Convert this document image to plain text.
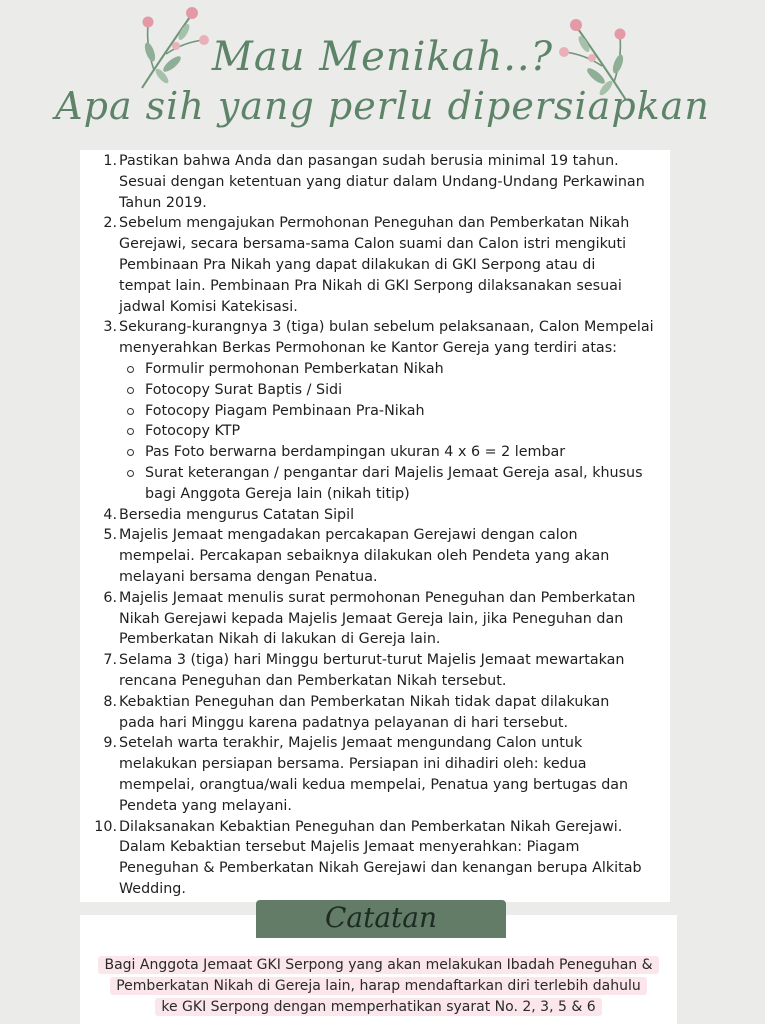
Mau Menikah..?
Apa sih yang perlu dipersiapkan
1. Pastikan bahwa Anda dan pasangan sudah berusia minimal 19 tahun.
Sesuai dengan ketentuan yang diatur dalam Undang-Undang Perkawinan
Tahun 2019.
2. Sebelum mengajukan Permohonan Peneguhan dan Pemberkatan Nikah
Gerejawi, secara bersama-sama Calon suami dan Calon istri mengikuti
Pembinaan Pra Nikah yang dapat dilakukan di GKI Serpong atau di
tempat lain. Pembinaan Pra Nikah di GKI Serpong dilaksanakan sesuai
jadwal Komisi Katekisasi.
3. Sekurang-kurangnya 3 (tiga) bulan sebelum pelaksanaan, Calon Mempelai
menyerahkan Berkas Permohonan ke Kantor Gereja yang terdiri atas:
Formulir permohonan Pemberkatan Nikah
Fotocopy Surat Baptis / Sidi
Fotocopy Piagam Pembinaan Pra-Nikah
Fotocopy KTP
Pas Foto berwarna berdampingan ukuran 4 x 6 = 2 lembar
Surat keterangan / pengantar dari Majelis Jemaat Gereja asal, khusus
bagi Anggota Gereja lain (nikah titip)
4. Bersedia mengurus Catatan Sipil
5. Majelis Jemaat mengadakan percakapan Gerejawi dengan calon
mempelai. Percakapan sebaiknya dilakukan oleh Pendeta yang akan
melayani bersama dengan Penatua.
6. Majelis Jemaat menulis surat permohonan Peneguhan dan Pemberkatan
Nikah Gerejawi kepada Majelis Jemaat Gereja lain, jika Peneguhan dan
Pemberkatan Nikah di lakukan di Gereja lain.
7. Selama 3 (tiga) hari Minggu berturut-turut Majelis Jemaat mewartakan
rencana Peneguhan dan Pemberkatan Nikah tersebut.
8. Kebaktian Peneguhan dan Pemberkatan Nikah tidak dapat dilakukan
pada hari Minggu karena padatnya pelayanan di hari tersebut.
9. Setelah warta terakhir, Majelis Jemaat mengundang Calon untuk
melakukan persiapan bersama. Persiapan ini dihadiri oleh: kedua
mempelai, orangtua/wali kedua mempelai, Penatua yang bertugas dan
Pendeta yang melayani.
10. Dilaksanakan Kebaktian Peneguhan dan Pemberkatan Nikah Gerejawi.
Dalam Kebaktian tersebut Majelis Jemaat menyerahkan: Piagam
Peneguhan & Pemberkatan Nikah Gerejawi dan kenangan berupa Alkitab
Wedding.
Bagi Anggota Jemaat GKI Serpong yang akan melakukan Ibadah Peneguhan &
Pemberkatan Nikah di Gereja lain, harap mendaftarkan diri terlebih dahulu
ke GKI Serpong dengan memperhatikan syarat No. 2, 3, 5 & 6
Catatan
